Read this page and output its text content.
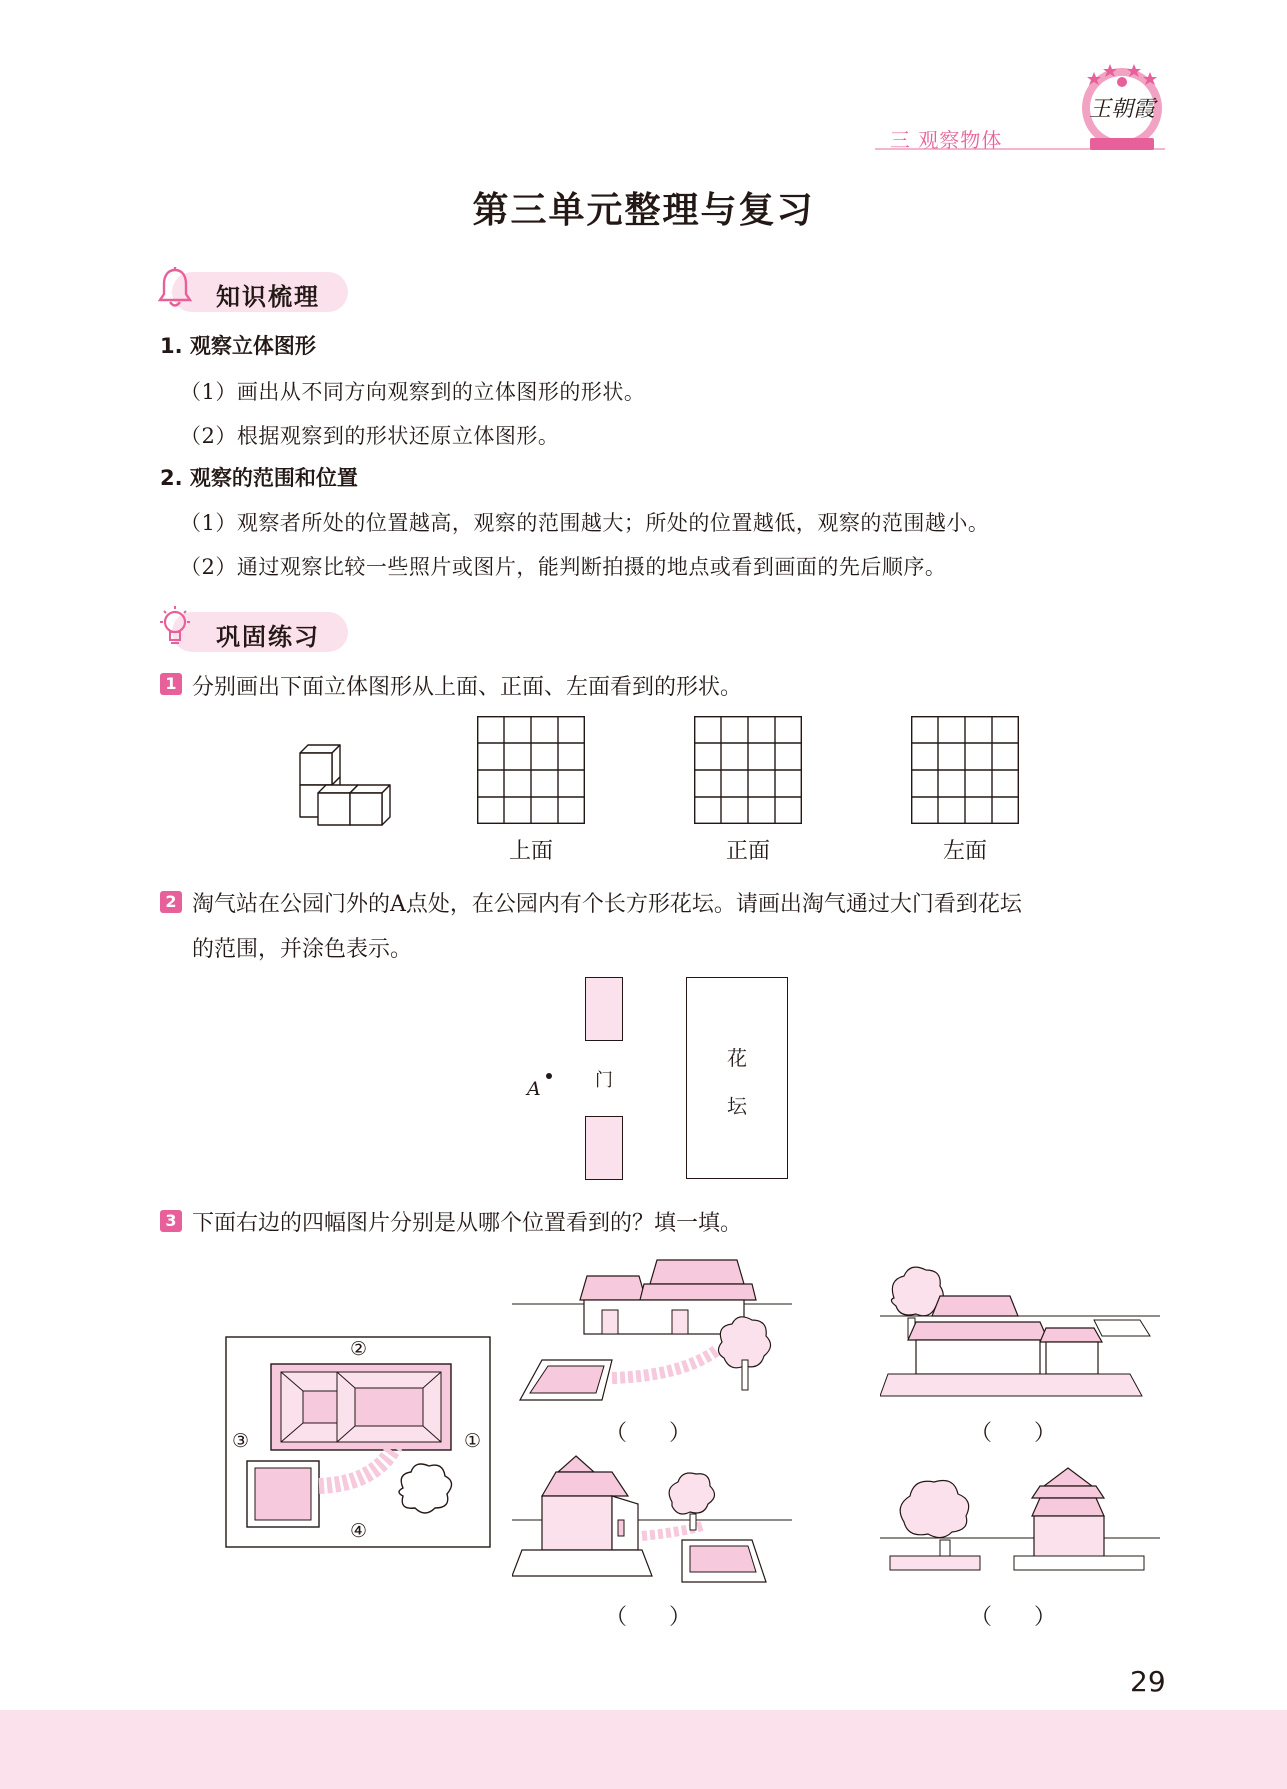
三 观察物体
王朝霞
第三单元整理与复习
知识梳理
1. 观察立体图形
（1）画出从不同方向观察到的立体图形的形状。
（2）根据观察到的形状还原立体图形。
2. 观察的范围和位置
（1）观察者所处的位置越高，观察的范围越大；所处的位置越低，观察的范围越小。
（2）通过观察比较一些照片或图片，能判断拍摄的地点或看到画面的先后顺序。
巩固练习
1 分别画出下面立体图形从上面、正面、左面看到的形状。
上面	正面	左面
2 淘气站在公园门外的A点处，在公园内有个长方形花坛。请画出淘气通过大门看到花坛
的范围，并涂色表示。
门
花
坛
A
3 下面右边的四幅图片分别是从哪个位置看到的？填一填。
②
③	①
④
（      ）	（      ）
（      ）	（      ）
29
